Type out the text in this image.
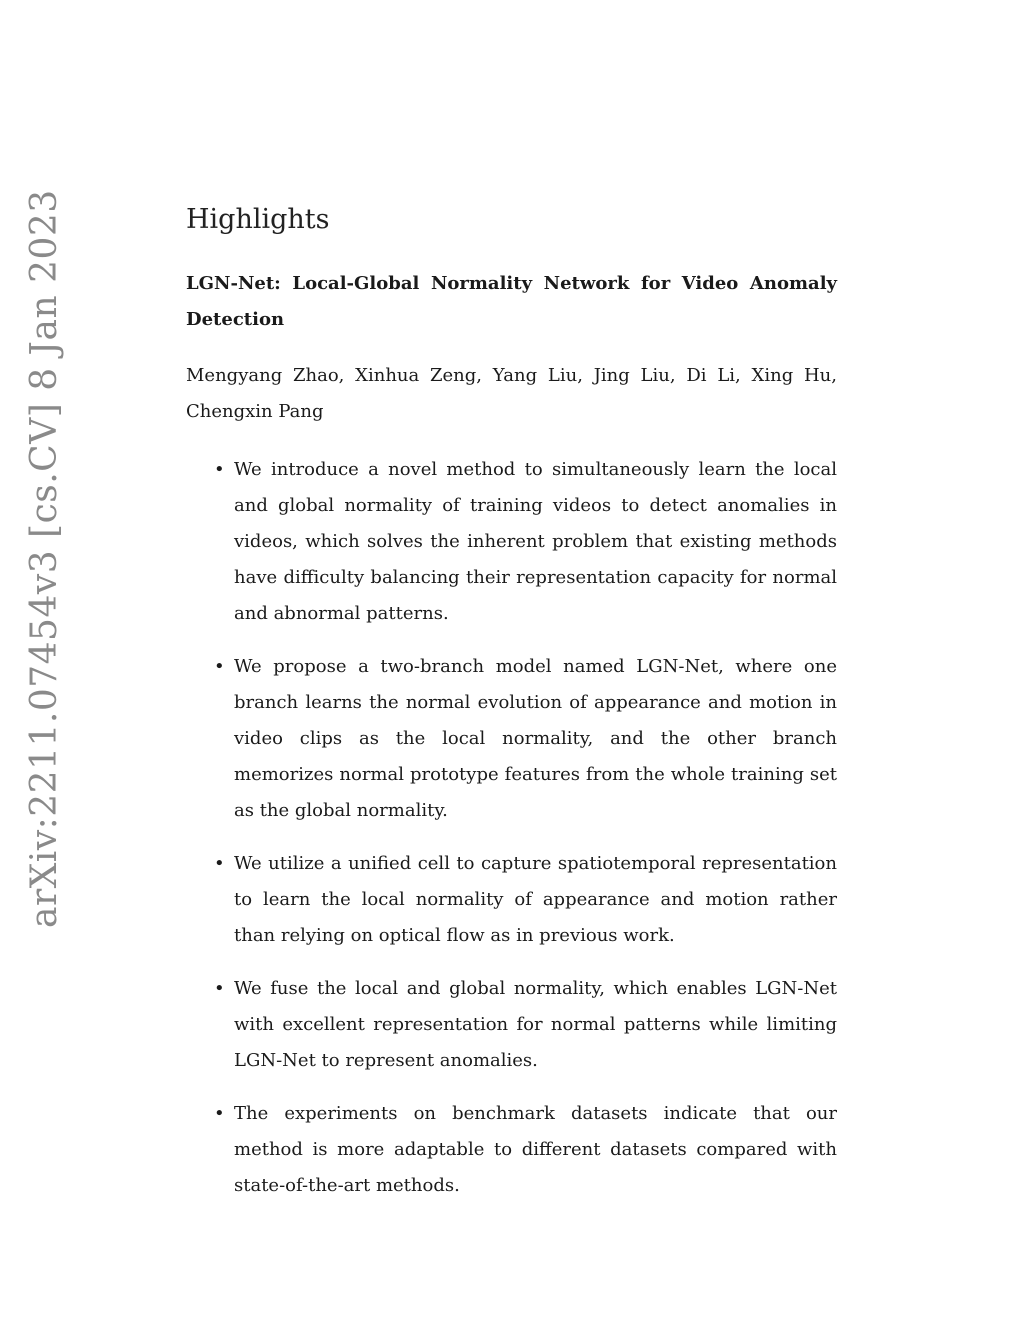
arXiv:2211.07454v3 [cs.CV] 8 Jan 2023	Highlights

LGN-Net: Local-Global Normality Network for Video Anomaly Detection

Mengyang Zhao, Xinhua Zeng, Yang Liu, Jing Liu, Di Li, Xing Hu, Chengxin Pang

• We introduce a novel method to simultaneously learn the local and global normality of training videos to detect anomalies in videos, which solves the inherent problem that existing methods have difficulty balancing their representation capacity for normal and abnormal patterns.
• We propose a two-branch model named LGN-Net, where one branch learns the normal evolution of appearance and motion in video clips as the local normality, and the other branch memorizes normal prototype features from the whole training set as the global normality.
• We utilize a unified cell to capture spatiotemporal representation to learn the local normality of appearance and motion rather than relying on optical flow as in previous work.
• We fuse the local and global normality, which enables LGN-Net with excellent representation for normal patterns while limiting LGN-Net to represent anomalies.
• The experiments on benchmark datasets indicate that our method is more adaptable to different datasets compared with state-of-the-art methods.
